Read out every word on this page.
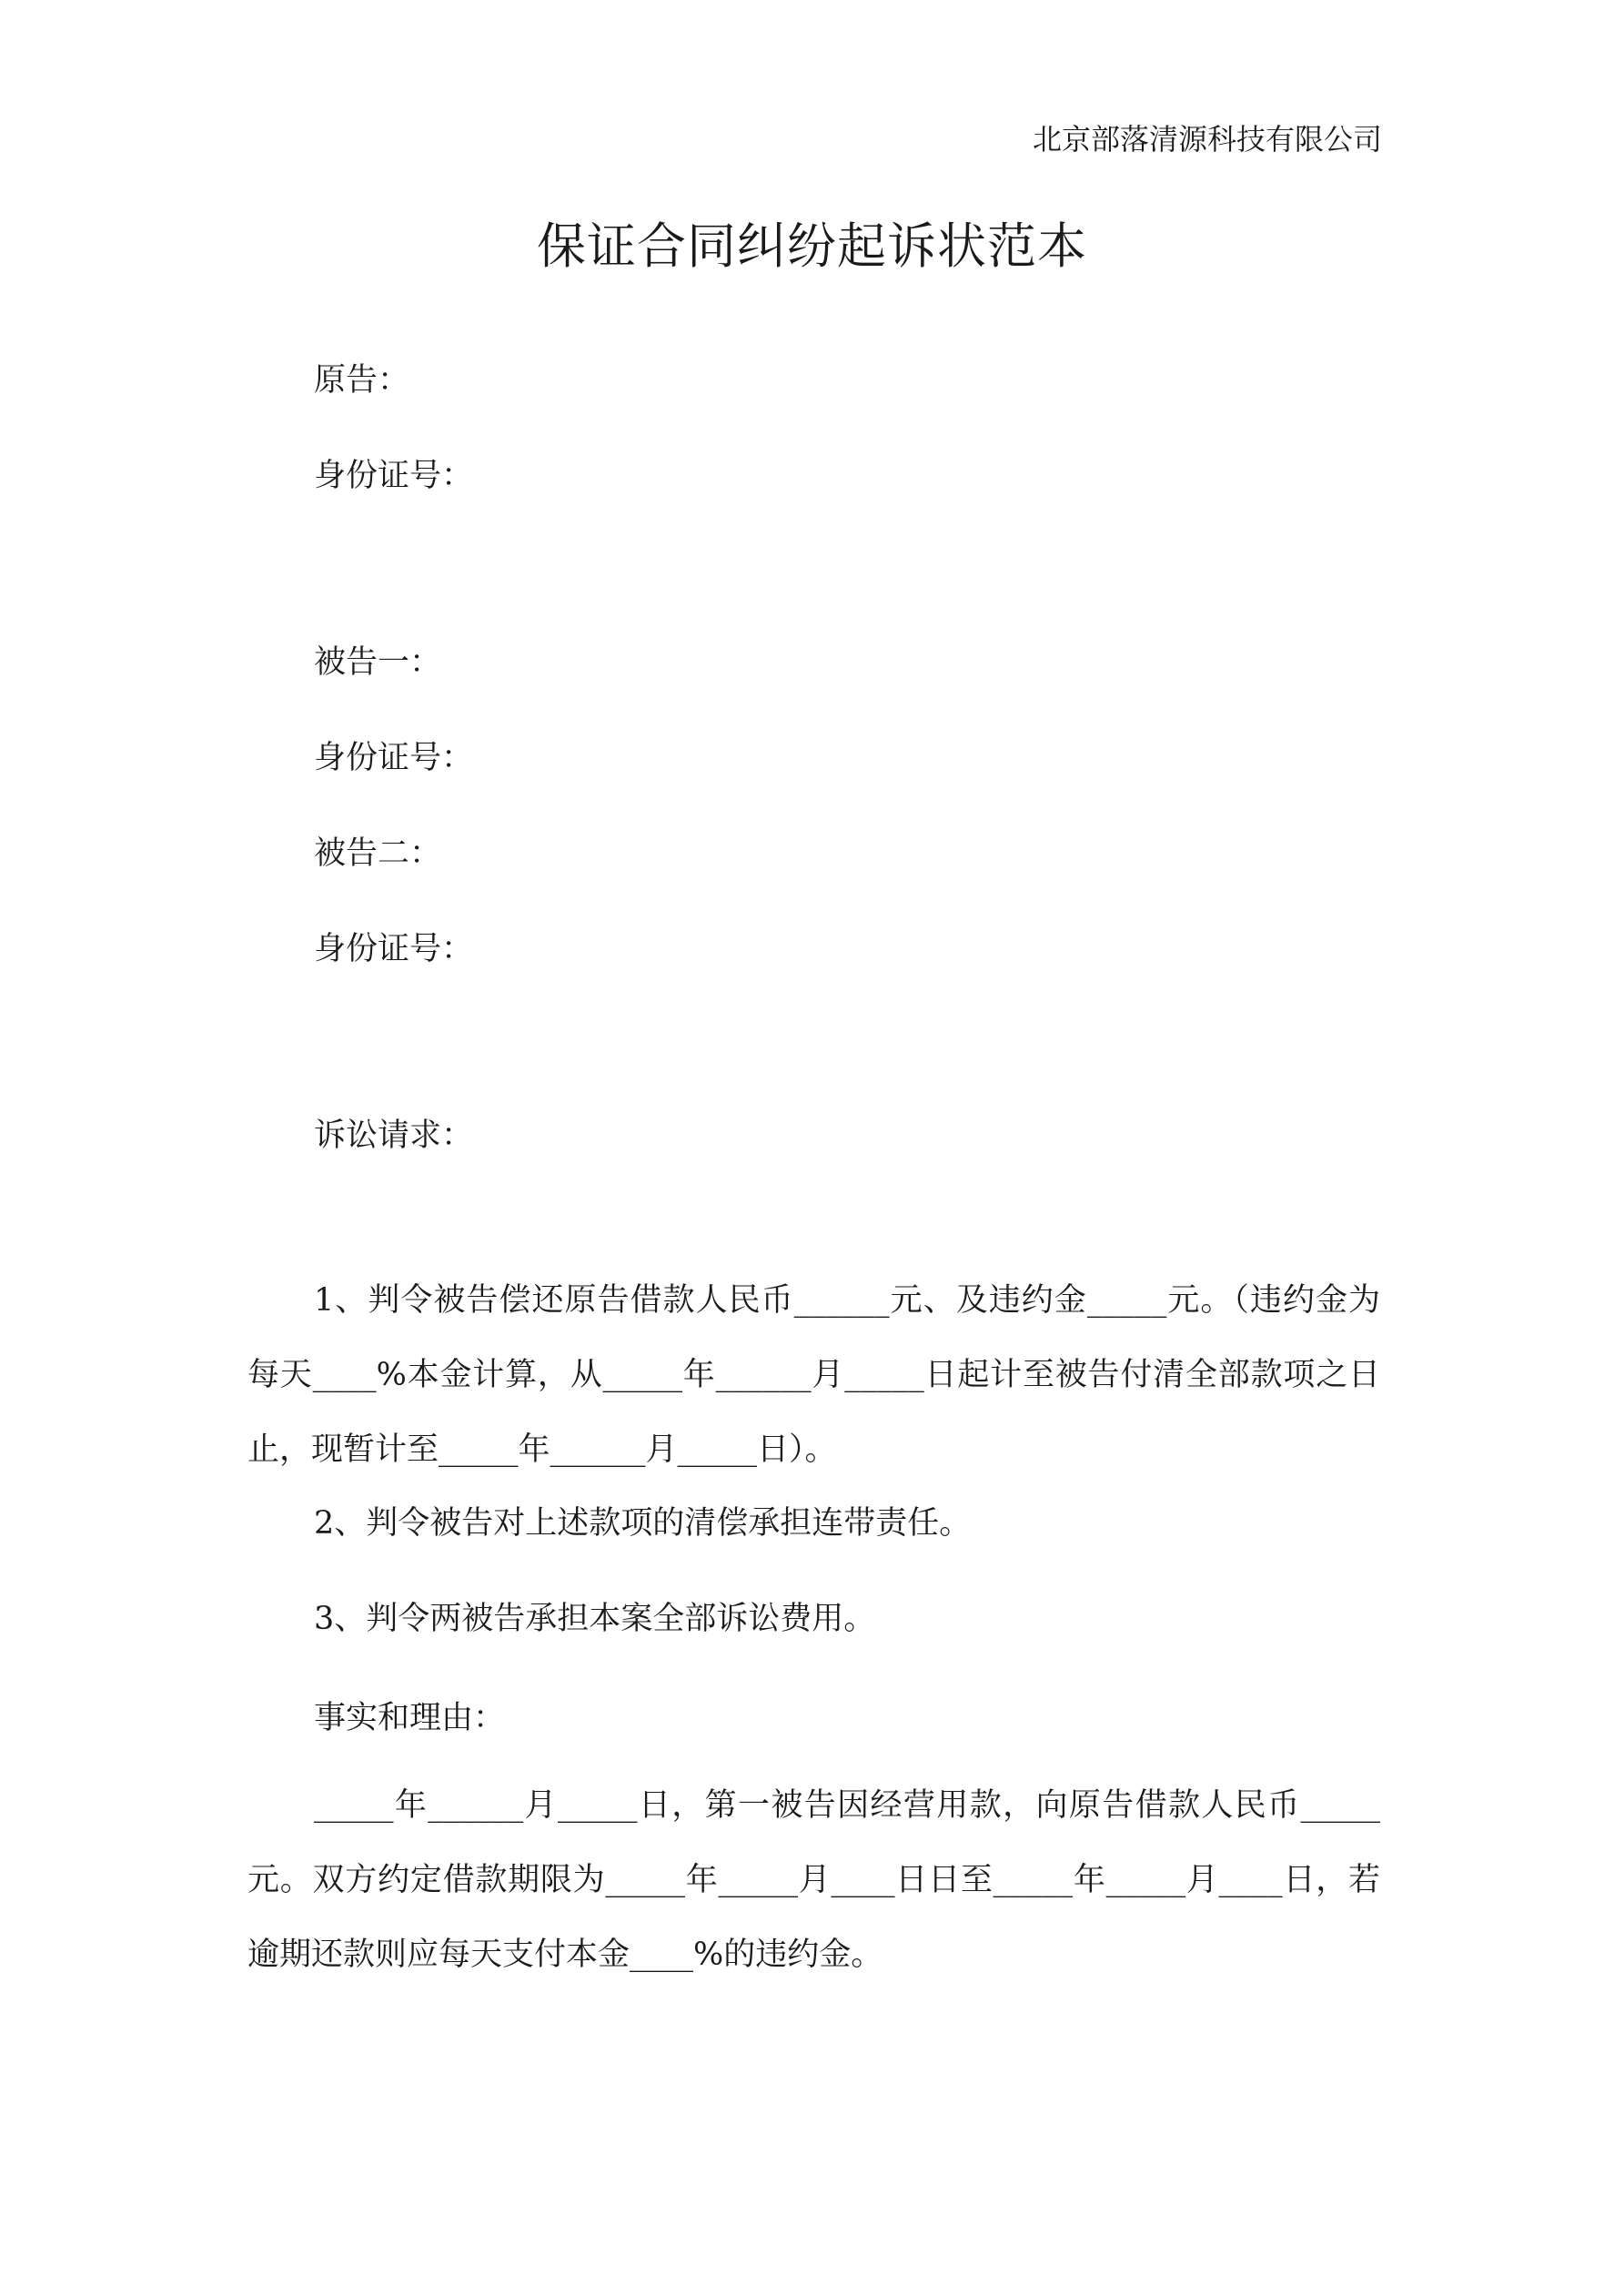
北京部落清源科技有限公司
保证合同纠纷起诉状范本
原告：
身份证号：
被告一：
身份证号：
被告二：
身份证号：
诉讼请求：

1、判令被告偿还原告借款人民币______元、及违约金_____元。（违约金为每天____%本金计算，从_____年______月_____日起计至被告付清全部款项之日止，现暂计至_____年______月_____日）。

2、判令被告对上述款项的清偿承担连带责任。

3、判令两被告承担本案全部诉讼费用。

事实和理由：

_____年______月_____日，第一被告因经营用款，向原告借款人民币_____元。双方约定借款期限为_____年_____月____日日至_____年_____月____日，若逾期还款则应每天支付本金____%的违约金。
